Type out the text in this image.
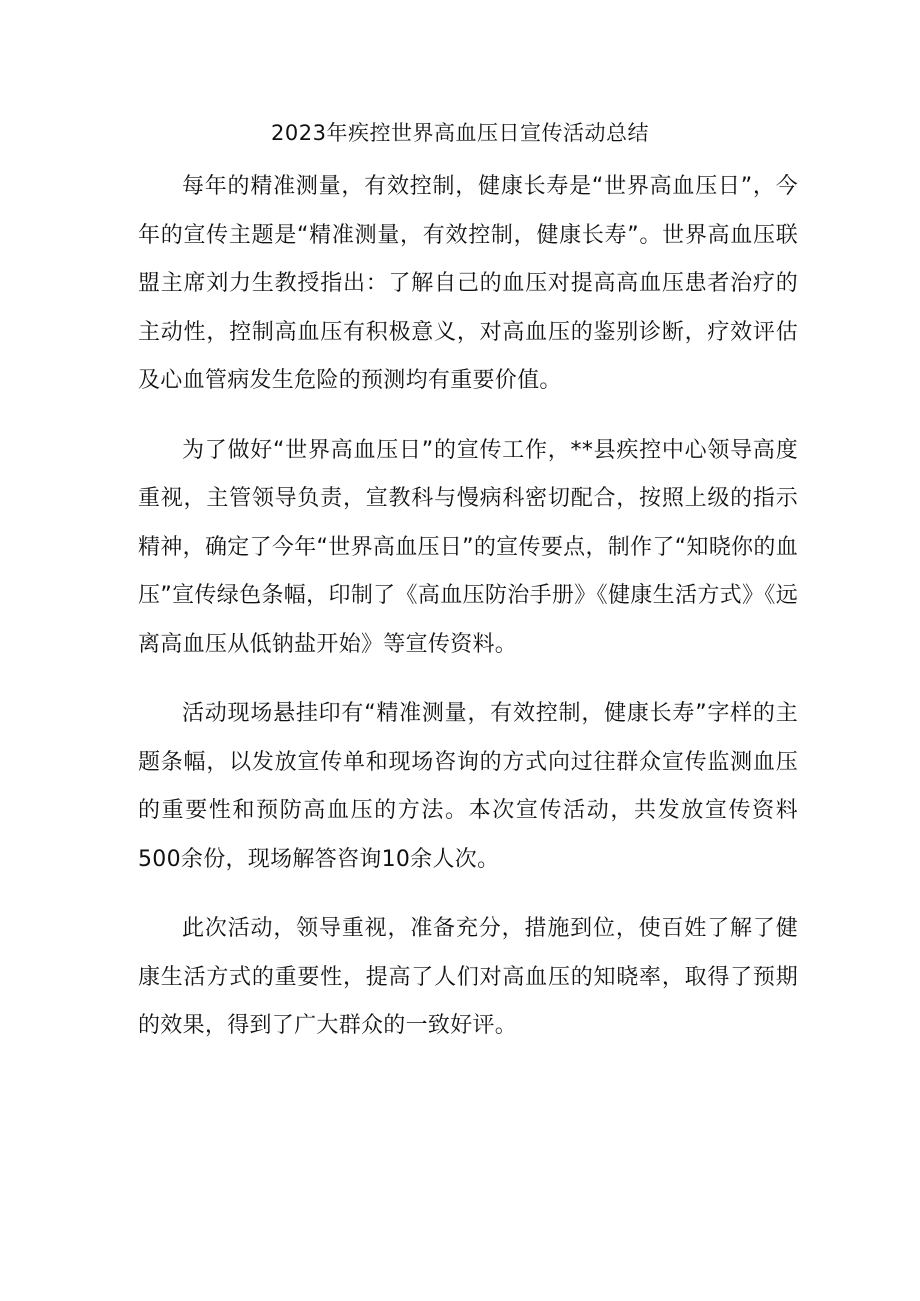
2023年疾控世界高血压日宣传活动总结

每年的精准测量，有效控制，健康长寿是“世界高血压日”，今年的宣传主题是“精准测量，有效控制，健康长寿”。世界高血压联盟主席刘力生教授指出：了解自己的血压对提高高血压患者治疗的主动性，控制高血压有积极意义，对高血压的鉴别诊断，疗效评估及心血管病发生危险的预测均有重要价值。

为了做好“世界高血压日”的宣传工作，**县疾控中心领导高度重视，主管领导负责，宣教科与慢病科密切配合，按照上级的指示精神，确定了今年“世界高血压日”的宣传要点，制作了“知晓你的血压”宣传绿色条幅，印制了《高血压防治手册》《健康生活方式》《远离高血压从低钠盐开始》等宣传资料。

活动现场悬挂印有“精准测量，有效控制，健康长寿”字样的主题条幅，以发放宣传单和现场咨询的方式向过往群众宣传监测血压的重要性和预防高血压的方法。本次宣传活动，共发放宣传资料500余份，现场解答咨询10余人次。

此次活动，领导重视，准备充分，措施到位，使百姓了解了健康生活方式的重要性，提高了人们对高血压的知晓率，取得了预期的效果，得到了广大群众的一致好评。
